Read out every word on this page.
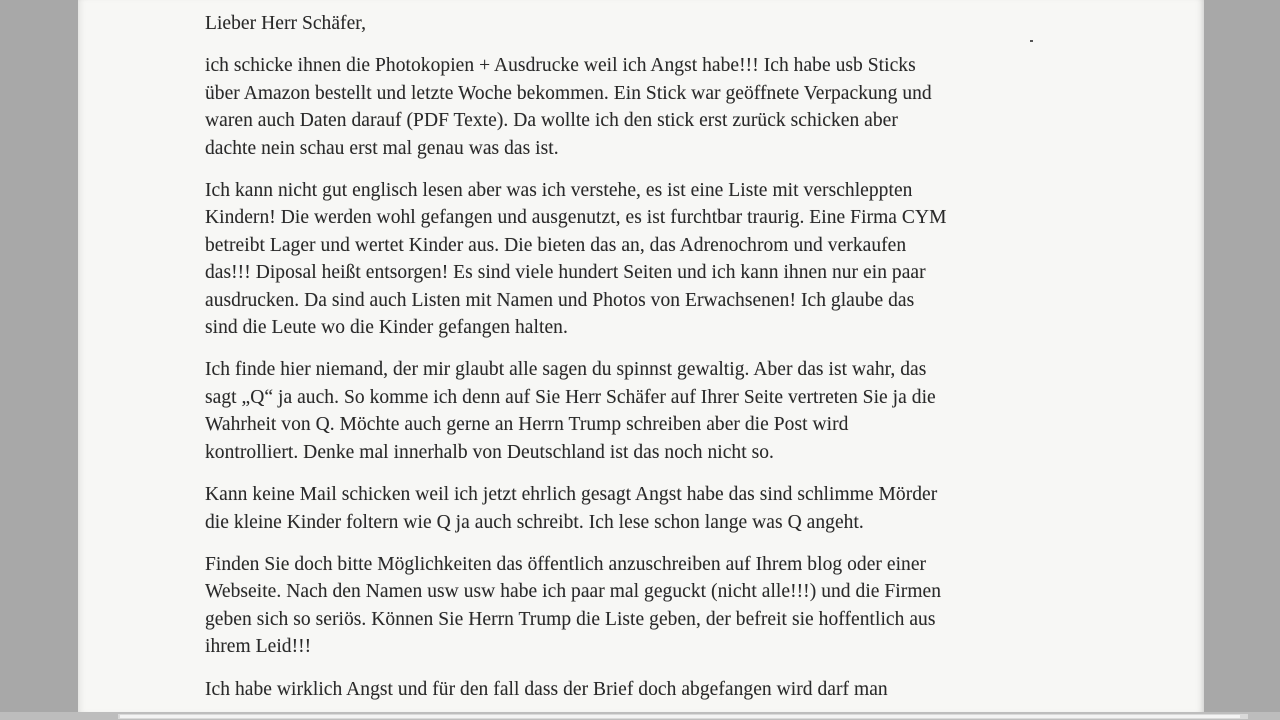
Lieber Herr Schäfer,
ich schicke ihnen die Photokopien + Ausdrucke weil ich Angst habe!!! Ich habe usb Sticks
über Amazon bestellt und letzte Woche bekommen. Ein Stick war geöffnete Verpackung und
waren auch Daten darauf (PDF Texte). Da wollte ich den stick erst zurück schicken aber
dachte nein schau erst mal genau was das ist.
Ich kann nicht gut englisch lesen aber was ich verstehe, es ist eine Liste mit verschleppten
Kindern! Die werden wohl gefangen und ausgenutzt, es ist furchtbar traurig. Eine Firma CYM
betreibt Lager und wertet Kinder aus. Die bieten das an, das Adrenochrom und verkaufen
das!!! Diposal heißt entsorgen! Es sind viele hundert Seiten und ich kann ihnen nur ein paar
ausdrucken. Da sind auch Listen mit Namen und Photos von Erwachsenen! Ich glaube das
sind die Leute wo die Kinder gefangen halten.
Ich finde hier niemand, der mir glaubt alle sagen du spinnst gewaltig. Aber das ist wahr, das
sagt „Q“ ja auch. So komme ich denn auf Sie Herr Schäfer auf Ihrer Seite vertreten Sie ja die
Wahrheit von Q. Möchte auch gerne an Herrn Trump schreiben aber die Post wird
kontrolliert. Denke mal innerhalb von Deutschland ist das noch nicht so.
Kann keine Mail schicken weil ich jetzt ehrlich gesagt Angst habe das sind schlimme Mörder
die kleine Kinder foltern wie Q ja auch schreibt. Ich lese schon lange was Q angeht.
Finden Sie doch bitte Möglichkeiten das öffentlich anzuschreiben auf Ihrem blog oder einer
Webseite. Nach den Namen usw usw habe ich paar mal geguckt (nicht alle!!!) und die Firmen
geben sich so seriös. Können Sie Herrn Trump die Liste geben, der befreit sie hoffentlich aus
ihrem Leid!!!
Ich habe wirklich Angst und für den fall dass der Brief doch abgefangen wird darf man
